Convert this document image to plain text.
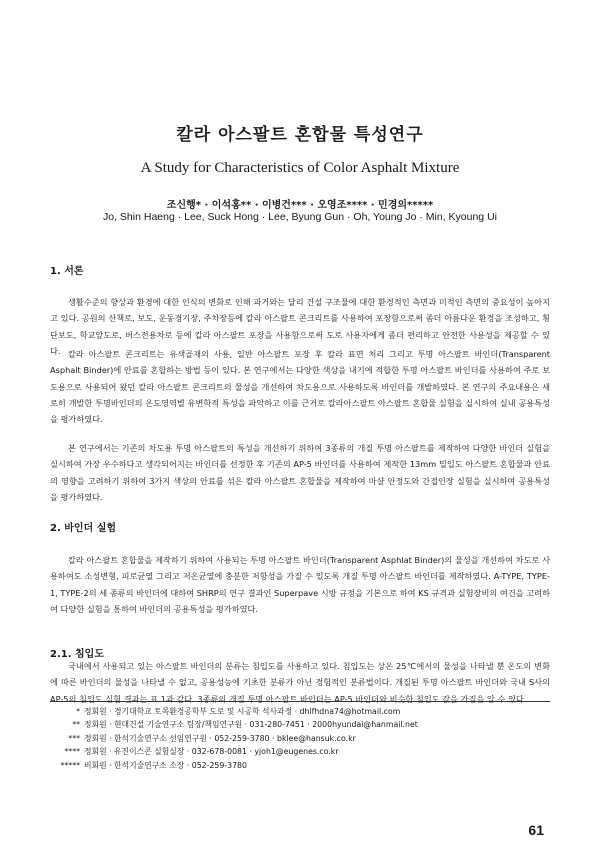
칼라 아스팔트 혼합물 특성연구
A Study for Characteristics of Color Asphalt Mixture
조신행* · 이석홍** · 이병건*** · 오영조**** · 민경의*****
Jo, Shin Haeng · Lee, Suck Hong · Lee, Byung Gun · Oh, Young Jo · Min, Kyoung Ui
1. 서론
생활수준의 향상과 환경에 대한 인식의 변화로 인해 과거와는 달리 건설 구조물에 대한 환경적인 측면과 미적인 측면의 중요성이 높아지고 있다. 공원의 산책로, 보도, 운동경기장, 주차장등에 칼라 아스팔트 콘크리트를 사용하여 포장함으로써 좀더 아름다운 환경을 조성하고, 횡단보도, 학교앞도로, 버스전용차로 등에 칼라 아스팔트 포장을 사용함으로써 도로 사용자에게 좀더 편리하고 안전한 사용성을 제공할 수 있다. 칼라 아스팔트 콘크리트는 유색골재의 사용, 일반 아스팔트 포장 후 칼라 표면 처리 그리고 투명 아스팔트 바인더(Transparent Asphalt Binder)에 안료를 혼합하는 방법 등이 있다. 본 연구에서는 다양한 색상을 내기에 적합한 투명 아스팔트 바인더를 사용하여 주로 보도용으로 사용되어 왔던 칼라 아스팔트 콘크리트의 물성을 개선하여 차도용으로 사용하도록 바인더를 개발하였다. 본 연구의 주요내용은 새로히 개발한 투명바인더의 온도영역별 유변학적 특성을 파악하고 이를 근거로 칼라아스팔트 아스팔트 혼합물 실험을 실시하여 실내 공용특성을 평가하였다.
본 연구에서는 기존의 차도용 투명 아스팔트의 특성을 개선하기 위하여 3종류의 개질 투명 아스팔트를 제작하여 다양한 바인더 실험을 실시하여 가장 우수하다고 생각되어지는 바인더를 선정한 후 기존의 AP-5 바인더를 사용하여 제작한 13mm 밀입도 아스팔트 혼합물과 안료의 영향을 고려하기 위하여 3가지 색상의 안료를 섞은 칼라 아스팔트 혼합물을 제작하여 마샬 안정도와 간접인장 실험을 실시하여 공용특성을 평가하였다.
2. 바인더 실험
칼라 아스팔트 혼합물을 제작하기 위하여 사용되는 투명 아스팔트 바인더(Transparent Asphlat Binder)의 물성을 개선하여 차도로 사용하여도 소성변형, 피로균열 그리고 저온균열에 충분한 저항성을 가질 수 있도록 개질 투명 아스팔트 바인더를 제작하였다. A-TYPE, TYPE-1, TYPE-2의 세 종류의 바인더에 대하여 SHRP의 연구 결과인 Superpave 시방 규정을 기본으로 하여 KS 규격과 실험장비의 여건을 고려하여 다양한 실험을 통하여 바인더의 공용특성을 평가하였다.
2.1. 침입도
국내에서 사용되고 있는 아스팔트 바인더의 분류는 침입도를 사용하고 있다. 침입도는 상온 25℃에서의 물성을 나타낼 뿐 온도의 변화에 따른 바인더의 물성을 나타낼 수 없고, 공용성능에 기초한 분류가 아닌 경험적인 분류법이다. 개질된 투명 아스팔트 바인더와 국내 S사의 AP-5의 침입도 실험 결과는 표 1과 같다. 3종류의 개질 투명 아스팔트 바인더는 AP-5 바인더와 비슷한 침입도 값을 가짐을 알 수 있다.
* 정회원 · 경기대학교 토목환경공학부 도로 및 시공학 석사과정 · dhlfhdna74@hotmail.com
** 정회원 · 현대건설 기술연구소 팀장/책임연구원 · 031-280-7451 · 2000hyundai@hanmail.net
*** 정회원 · 한석기술연구소 선임연구원 · 052-259-3780 · bklee@hansuk.co.kr
**** 정회원 · 유진이스콘 실험실장 · 032-678-0081 · yjoh1@eugenes.co.kr
***** 비회원 · 한석기술연구소 소장 · 052-259-3780
61
